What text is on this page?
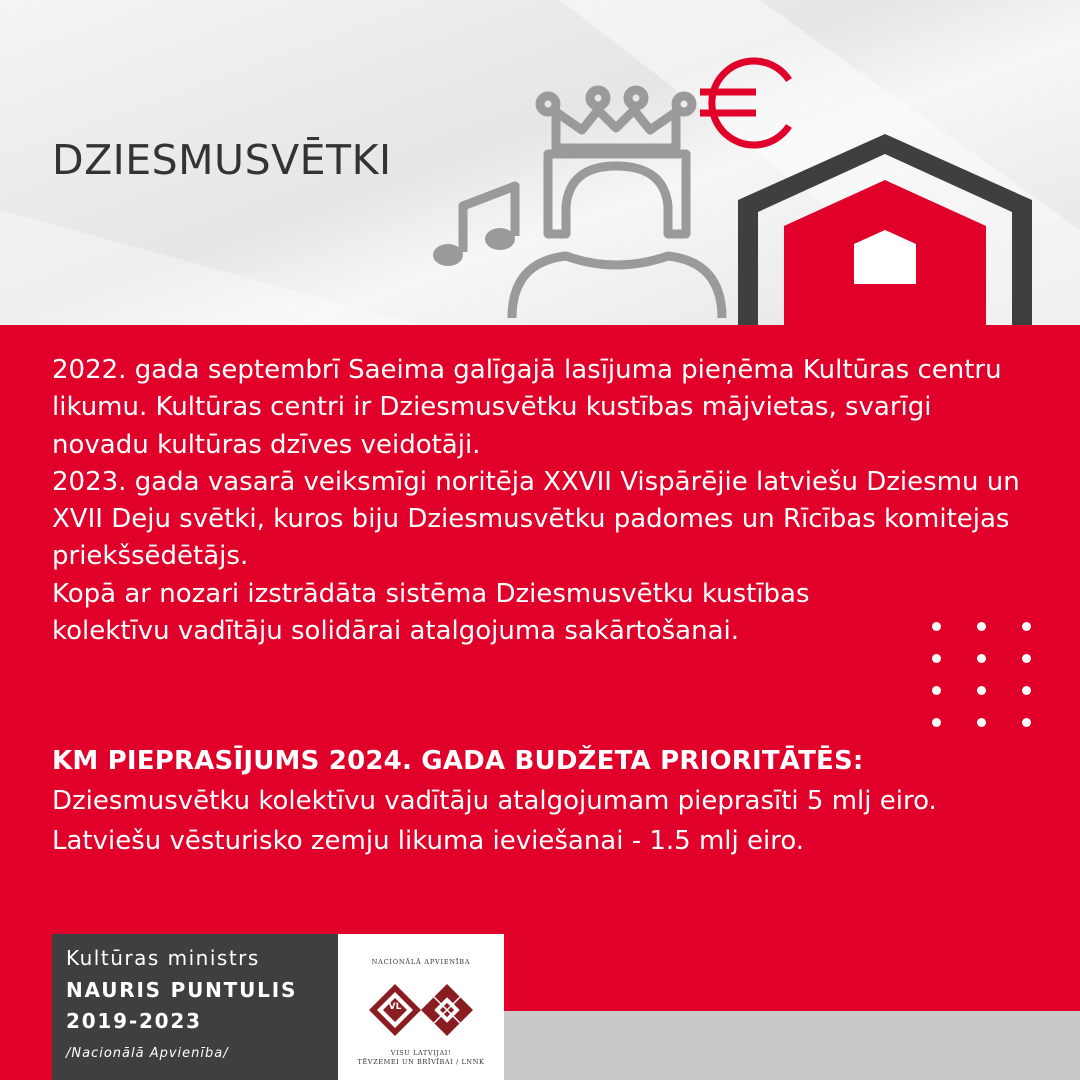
DZIESMUSVĒTKI

2022. gada septembrī Saeima galīgajā lasījuma pieņēma Kultūras centru likumu. Kultūras centri ir Dziesmusvētku kustības mājvietas, svarīgi novadu kultūras dzīves veidotāji.

2023. gada vasarā veiksmīgi noritēja XXVII Vispārējie latviešu Dziesmu un XVII Deju svētki, kuros biju Dziesmusvētku padomes un Rīcības komitejas priekšsēdētājs.

Kopā ar nozari izstrādāta sistēma Dziesmusvētku kustības kolektīvu vadītāju solidārai atalgojuma sakārtošanai.

KM PIEPRASĪJUMS 2024. GADA BUDŽETA PRIORITĀTĒS:
Dziesmusvētku kolektīvu vadītāju atalgojumam pieprasīti 5 mlj eiro.
Latviešu vēsturisko zemju likuma ieviešanai - 1.5 mlj eiro.
Kultūras ministrs
NAURIS PUNTULIS
2019-2023
/Nacionālā Apvienība/
NACIONĀLĀ APVIENĪBA
VL
VISU LATVIJAI!
TĒVZEMEI UN BRĪVĪBAI / LNNK
